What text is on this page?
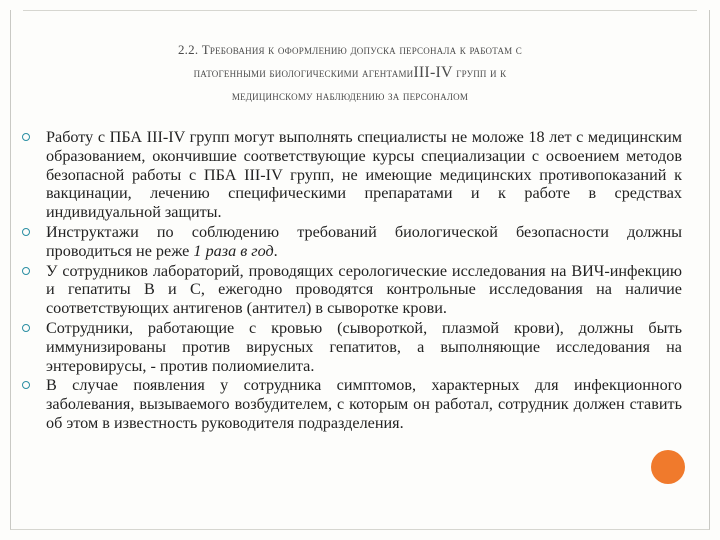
2.2. Требования к оформлению допуска персонала к работам с
патогенными биологическими агентамиIII-IV групп и к
медицинскому наблюдению за персоналом
Работу с ПБА III-IV групп могут выполнять специалисты не моложе 18 лет с медицинским образованием, окончившие соответствующие курсы специализации с освоением методов безопасной работы с ПБА III-IV групп, не имеющие медицинских противопоказаний к вакцинации, лечению специфическими препаратами и к работе в средствах индивидуальной защиты.
Инструктажи по соблюдению требований биологической безопасности должны проводиться не реже 1 раза в год.
У сотрудников лабораторий, проводящих серологические исследования на ВИЧ-инфекцию и гепатиты В и С, ежегодно проводятся контрольные исследования на наличие соответствующих антигенов (антител) в сыворотке крови.
Сотрудники, работающие с кровью (сывороткой, плазмой крови), должны быть иммунизированы против вирусных гепатитов, а выполняющие исследования на энтеровирусы, - против полиомиелита.
В случае появления у сотрудника симптомов, характерных для инфекционного заболевания, вызываемого возбудителем, с которым он работал, сотрудник должен ставить об этом в известность руководителя подразделения.
